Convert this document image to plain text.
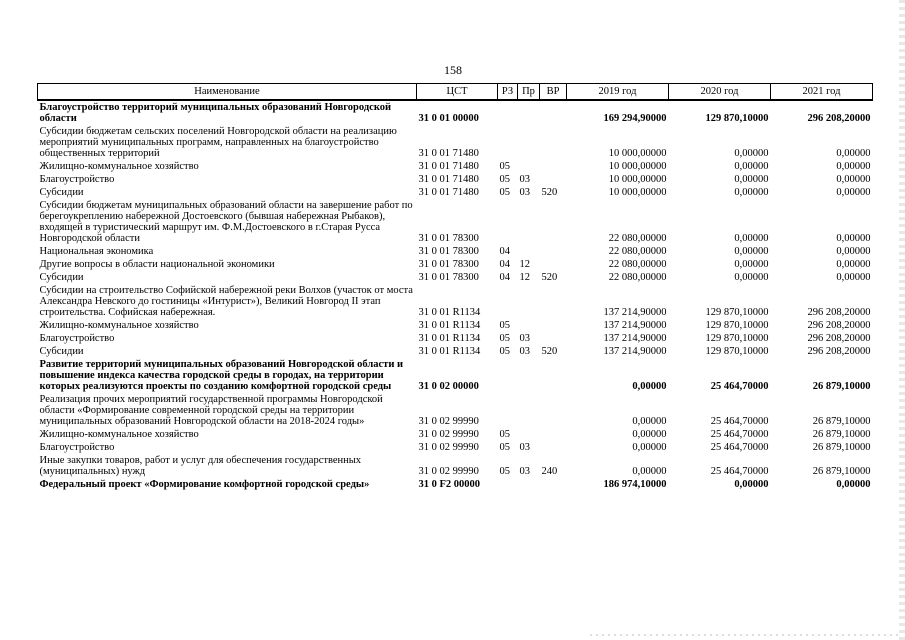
158
Наименование	ЦСТ	РЗ	Пр	ВР	2019 год	2020 год	2021 год
Благоустройство территорий муниципальных образований Новгородской области	31 0 01 00000				169 294,90000	129 870,10000	296 208,20000
Субсидии бюджетам сельских поселений Новгородской области на реализацию мероприятий муниципальных программ, направленных на благоустройство общественных территорий	31 0 01 71480				10 000,00000	0,00000	0,00000
Жилищно-коммунальное хозяйство	31 0 01 71480	05			10 000,00000	0,00000	0,00000
Благоустройство	31 0 01 71480	05	03		10 000,00000	0,00000	0,00000
Субсидии	31 0 01 71480	05	03	520	10 000,00000	0,00000	0,00000
Субсидии бюджетам муниципальных образований области на завершение работ по берегоукреплению набережной Достоевского (бывшая набережная Рыбаков), входящей в туристический маршрут им. Ф.М.Достоевского в г.Старая Русса Новгородской области	31 0 01 78300				22 080,00000	0,00000	0,00000
Национальная экономика	31 0 01 78300	04			22 080,00000	0,00000	0,00000
Другие вопросы в области национальной экономики	31 0 01 78300	04	12		22 080,00000	0,00000	0,00000
Субсидии	31 0 01 78300	04	12	520	22 080,00000	0,00000	0,00000
Субсидии на строительство Софийской набережной реки Волхов (участок от моста Александра Невского до гостиницы «Интурист»), Великий Новгород II этап строительства. Софийская набережная.	31 0 01 R1134				137 214,90000	129 870,10000	296 208,20000
Жилищно-коммунальное хозяйство	31 0 01 R1134	05			137 214,90000	129 870,10000	296 208,20000
Благоустройство	31 0 01 R1134	05	03		137 214,90000	129 870,10000	296 208,20000
Субсидии	31 0 01 R1134	05	03	520	137 214,90000	129 870,10000	296 208,20000
Развитие территорий муниципальных образований Новгородской области и повышение индекса качества городской среды в городах, на территории которых реализуются проекты по созданию комфортной городской среды	31 0 02 00000				0,00000	25 464,70000	26 879,10000
Реализация прочих мероприятий государственной программы Новгородской области «Формирование современной городской среды на территории муниципальных образований Новгородской области на 2018-2024 годы»	31 0 02 99990				0,00000	25 464,70000	26 879,10000
Жилищно-коммунальное хозяйство	31 0 02 99990	05			0,00000	25 464,70000	26 879,10000
Благоустройство	31 0 02 99990	05	03		0,00000	25 464,70000	26 879,10000
Иные закупки товаров, работ и услуг для обеспечения государственных (муниципальных) нужд	31 0 02 99990	05	03	240	0,00000	25 464,70000	26 879,10000
Федеральный проект «Формирование комфортной городской среды»	31 0 F2 00000				186 974,10000	0,00000	0,00000
